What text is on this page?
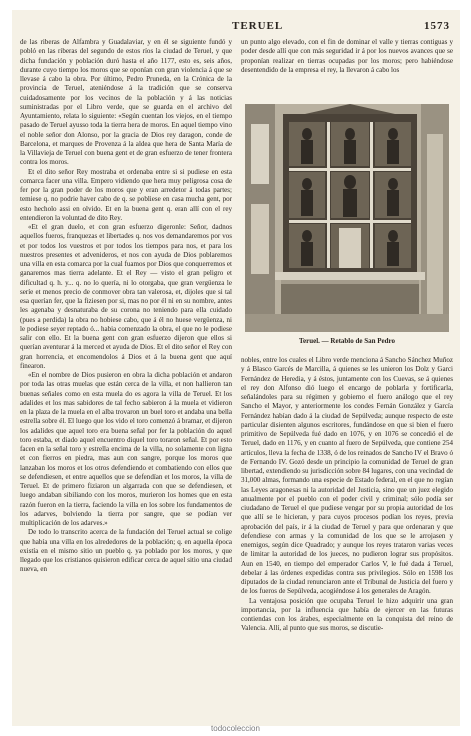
TERUEL	1573

de las riberas de Alfambra y Guadalaviar, y en él se siguiente fundó y pobló en las riberas del segundo de estos ríos la ciudad de Teruel, y que dicha fundación y población duró hasta el año 1177, esto es, seis años, durante cuyo tiempo los moros que se oponían con gran violencia á que se llevase á cabo la obra. Por último, Pedro Pruneda, en la Crónica de la provincia de Teruel, ateniéndose á la tradición que se conserva cuidadosamente por los vecinos de la población y á las noticias suministradas por el Libro verde, que se guarda en el archivo del Ayuntamiento, relata lo siguiente: «Según cuentan los viejos, en el tiempo pasado de Teruel ayusso toda la tierra hera de moros. En aquel tiempo vino el noble señor don Alonso, por la gracia de Dios rey daragon, conde de Barcelona, et marques de Provenza á la aldea que hera de Santa María de la Villavieja de Teruel con buena gent et de gran esfuerzo de tener frontera contra los moros.

Et el dito señor Rey mostraba et ordenaba entre si si pudiese en esta comarca facer una villa. Empero vidiendo que hera muy peligrosa cosa de fer por la gran poder de los moros que y eran arredetor á todas partes; temiese q. no podrie haver cabo de q. se pobliese en casa mucha gent, por esto hecholo assi en olvido. Et en la buena gent q. eran allí con el rey entendieron la voluntad de dito Rey.

«Et el gran duelo, et con gran esfuerzo digeronle: Señor, dadnos aquellos fueros, franquezas et libertades q. nos vos demandaremos por vos et por todos los vuestros et por todos los tiempos para nos, et para los nuestros presentes et advenideros, et nos con ayuda de Dios poblaremos una villa en esta comarca por la cual fuamos por Dios que conquerremos et ganaremos mas tierra adelante. Et el Rey — visto el gran peligro et dificultad q. h. y... q. no lo quería, ni lo otorgaba, que gran vergüenza le seríe et menos precio de conmover obra tan valerosa, et, dijoles que si tal esa querían fer, que la fiziesen por si, mas no por él ni en su nombre, antes les agenaba y desnaturaba de su corona no teniendo para ella cuidado (pues a perdida) la obra no hobiese cabo, que á él no huese vergüenza, ni le podiese seyer reptado ó... habia comenzado la obra, el que no le podiese salir con ello. Et la buena gent con gran esfuerzo dijeron que ellos si querían aventurar á la merced et ayuda de Dios. Et el dito señor el Rey con gran horrencia, et encomendolos á Dios et á la buena gent que aquí finearon.

«En el nombre de Dios pusieron en obra la dicha población et andaron por toda las otras muelas que están cerca de la villa, et non hallieron tan buenas señales como en esta muela do es agora la villa de Teruel. Et los adalides et los mas sabidores de tal fecho sabieron á la muela et vidieron en la plaza de la muela en el alba trovaron un buel toro et andaba una bella estrella sobre él. El luego que los vido el toro comenzó á bramar, et dijeron los adalides que aquel toro era buena señal por fer la población do aquel toro estaba, et diado aquel encuentro diquel toro toraron señal. Et por esto facen en la señal toro y estrella encima de la villa, no solamente con ligna et con fierros en piedra, mas aun con sangre, porque los moros que lanzaban los moros et los otros defendiendo et combatiendo con ellos que se defendiesen, et entre aquellos que se defendían et los moros, la villa de Teruel. Et de primero fiziaron un algarrada con que se defendiesen, et luego andaban sibiliando con los moros, murieron los homes que en esta razón fueron en la tierra, faciendo la villa en los sobre los fundamentos de los adarves, bolviendo la tierra por sangre, que se podían ver multiplicación de los adarves.»

De todo lo transcrito acerca de la fundación del Teruel actual se colige que había una villa en los alrededores de la población; q. en aquella época existía en el mismo sitio un pueblo q. ya poblado por los moros, y que llegado que los cristianos quisieron edificar cerca de aquel sitio una ciudad nueva, en

un punto algo elevado, con el fin de dominar el valle y tierras contiguas y poder desde allí que con más seguridad ir á por los nuevos avances que se proponían realizar en tierras ocupadas por los moros; pero habiéndose desentendido de la empresa el rey, la llevaron á cabo los

Teruel. — Retablo de San Pedro

nobles, entre los cuales el Libro verde menciona á Sancho Sánchez Muñoz y á Blasco Garcés de Marcilla, á quienes se les unieron los Dolz y Garci Fernández de Heredia, y á éstos, juntamente con los Cuevas, se á quienes el rey don Alfonso dió luego el encargo de poblarla y fortificarla, señalándoles para su régimen y gobierno el fuero análogo que el rey Sancho el Mayor, y anteriormente los condes Fernán González y García Fernández habían dado á la ciudad de Sepúlveda; aunque respecto de este particular disienten algunos escritores, fundándose en que si bien el fuero primitivo de Sepúlveda fué dado en 1076, y en 1076 se concedió el de Teruel, dado en 1176, y en cuanto al fuero de Sepúlveda, que contiene 254 artículos, lleva la fecha de 1338, ó de los reinados de Sancho IV el Bravo ó de Fernando IV. Gozó desde un principio la comunidad de Teruel de gran libertad, extendiendo su jurisdicción sobre 84 lugares, con una vecindad de 31,000 almas, formando una especie de Estado federal, en el que no regían las Leyes aragonesas ni la autoridad del Justicia, sino que un juez elegido anualmente por el pueblo con el poder civil y criminal; sólo podía ser ciudadano de Teruel el que pudiese vengar por su propia autoridad de los que allí se le hicieran, y para cuyos procesos podían los reyes, previa aprobación del país, ir á la ciudad de Teruel y para que ordenaran y que defendiese con armas y la comunidad de los que se le arrojasen y enemigos, según dice Quadrado; y aunque los reyes trataron varias veces de limitar la autoridad de los jueces, no pudieron lograr sus propósitos. Aun en 1540, en tiempo del emperador Carlos V, le fué dada á Teruel, debelar á las órdenes expedidas contra sus privilegios. Sólo en 1598 los diputados de la ciudad renunciaron ante el Tribunal de Justicia del fuero y de los fueros de Sepúlveda, acogiéndose á los generales de Aragón.

La ventajosa posición que ocupaba Teruel le hizo adquirir una gran importancia, por la influencia que había de ejercer en las futuras contiendas con los árabes, especialmente en la conquista del reino de Valencia. Allí, al punto que sus moros, se discutie-

todocoleccion
